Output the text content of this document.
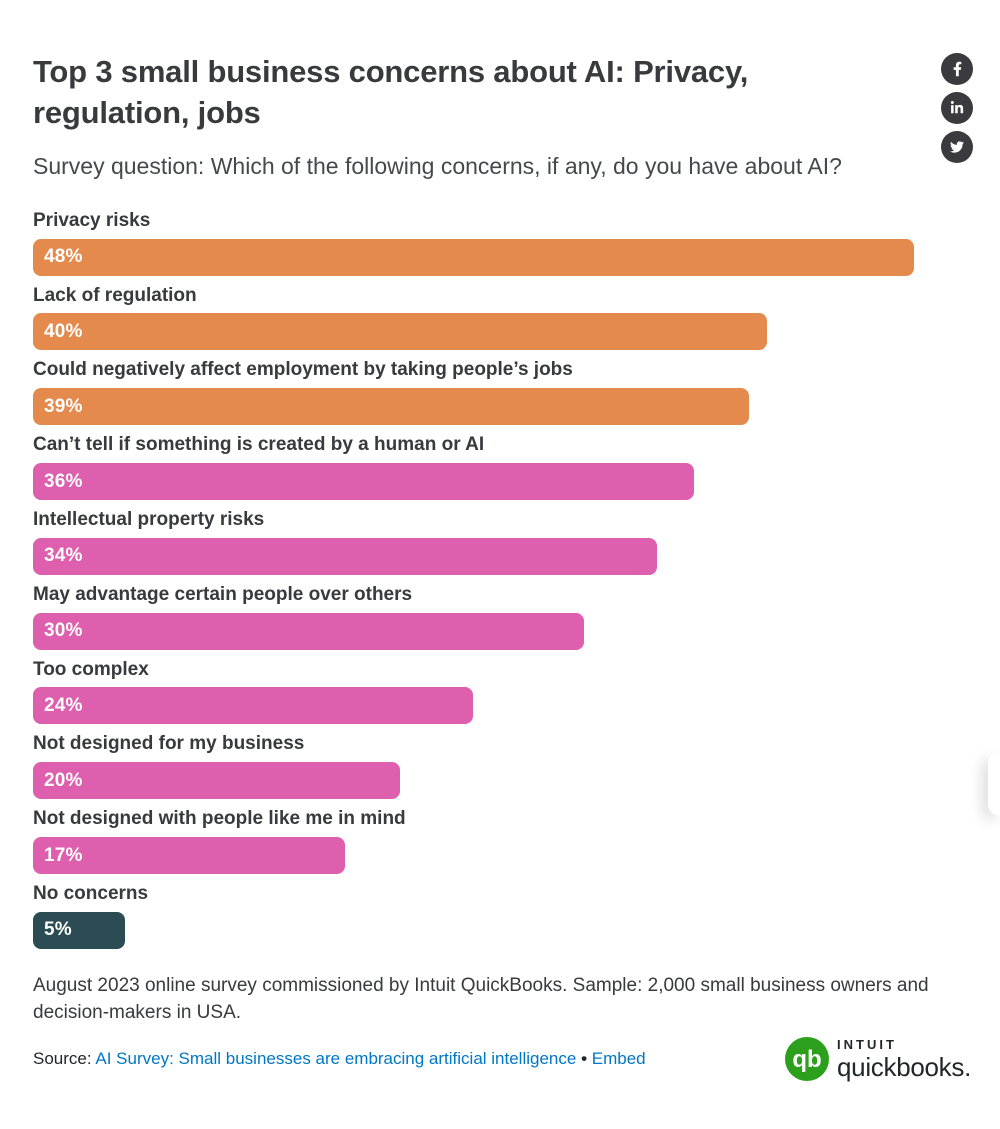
Top 3 small business concerns about AI: Privacy, regulation, jobs

Survey question: Which of the following concerns, if any, do you have about AI?

Privacy risks
48%
Lack of regulation
40%
Could negatively affect employment by taking people’s jobs
39%
Can’t tell if something is created by a human or AI
36%
Intellectual property risks
34%
May advantage certain people over others
30%
Too complex
24%
Not designed for my business
20%
Not designed with people like me in mind
17%
No concerns
5%

August 2023 online survey commissioned by Intuit QuickBooks. Sample: 2,000 small business owners and decision-makers in USA.

Source: AI Survey: Small businesses are embracing artificial intelligence • Embed	qb
INTUIT
quickbooks.
